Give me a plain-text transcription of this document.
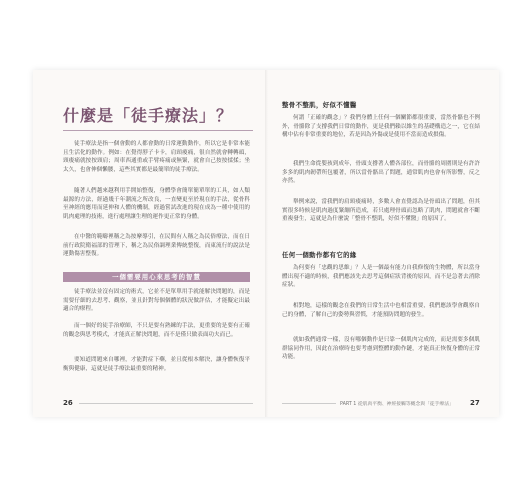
什麼是「徒手療法」？

徒手療法是指一個會動的人都會動的日常運動動作，所以它是非常本能且生活化的動作。例如：在覺得脖子卡卡，肩頸痠痛，很自然就會轉轉頭，頸痠痛就按按頸肩；周車西通重或手臂疼痛或無緊，就會自己按按揉揉；坐太久，也會伸個懶腰，這些其實都是最簡單的徒手療法。

隨著人們越來越利用手開始整復，身體學會簡單簡單單的工具，如人類最源的方法，經過幾千年潮流之所改良，一直變更至於現在的手法，從骨科至神經的應用而延伸和人體的機制，經過嘗試改進的現在成為一種中使用的肌肉處理的技術，進行處理讓生理的運作更正常的身體。

在中醫的範疇裡稱之為按摩導引，在民間有人稱之為民俗療法，而在日前行政院衛福部的管理下，稱之為民俗調理業傳統整復，而東流行的說法是運動傷害整復。

一個需要用心來思考的智慧

徒手療法並沒有固定的術式，它並不是單單用手就能解決問題的，而是需要仔細的去思考、觀察，並且針對每個個體的狀況做評估，才能擬定出最適合的療程。

而一個好的徒手治療師，不只是要有熟練的手法，更重要的是要有正確的觀念與思考模式，才能真正解決問題，而不是僅只做表面功夫而已。

要知道問題來自哪裡，才能對症下藥，並且從根本解決，讓身體恢復平衡與健康，這就是徒手療法最重要的精神。

26
整骨不整肌，好似不懂醫

何謂「正確的觀念」？我們身體上任何一個關節都很重要，當然骨骼也不例外，骨骼除了支撐我們日常的動作，更是我們賴以維生的基礎構造之一，它在結構中佔有非常重要的地位，若是因為外傷或是使用不當而造成損傷。

我們生命從嬰孩到成年，骨頭支撐著人體各部位，而骨骼的周圍則是有許許多多的肌肉韌帶所包覆著，所以當骨骼出了問題，通常肌肉也會有所影響，反之亦然。

舉例來說，當我們的肩頸痠痛時，多數人會直覺認為是骨頭出了問題，但其實很多時候是肌肉過度緊繃所造成，若只處理骨頭而忽略了肌肉，問題就會不斷重複發生，這就是為什麼說「整骨不整肌，好似不懂醫」的原因了。

任何一個動作都有它的緣

為何要有「忠觀的思維」？人是一個最有能力自我修復的生物體，所以當身體出現不適的時候，我們應該先去思考這個症狀背後的原因，而不是急著去消除症狀。

相對地，這樣的觀念在我們的日常生活中也相當重要，我們應該學會觀察自己的身體，了解自己的姿勢與習慣，才能預防問題的發生。

就如我們通常一樣，沒有哪個動作是只靠一個肌肉完成的，而是需要多個肌群協同作用，因此在治療時也要考慮到整體的動作鏈，才能真正恢復身體的正常功能。

PART 1 從肌肉平衡、神經接觸等概念與「徒手療法」 27
